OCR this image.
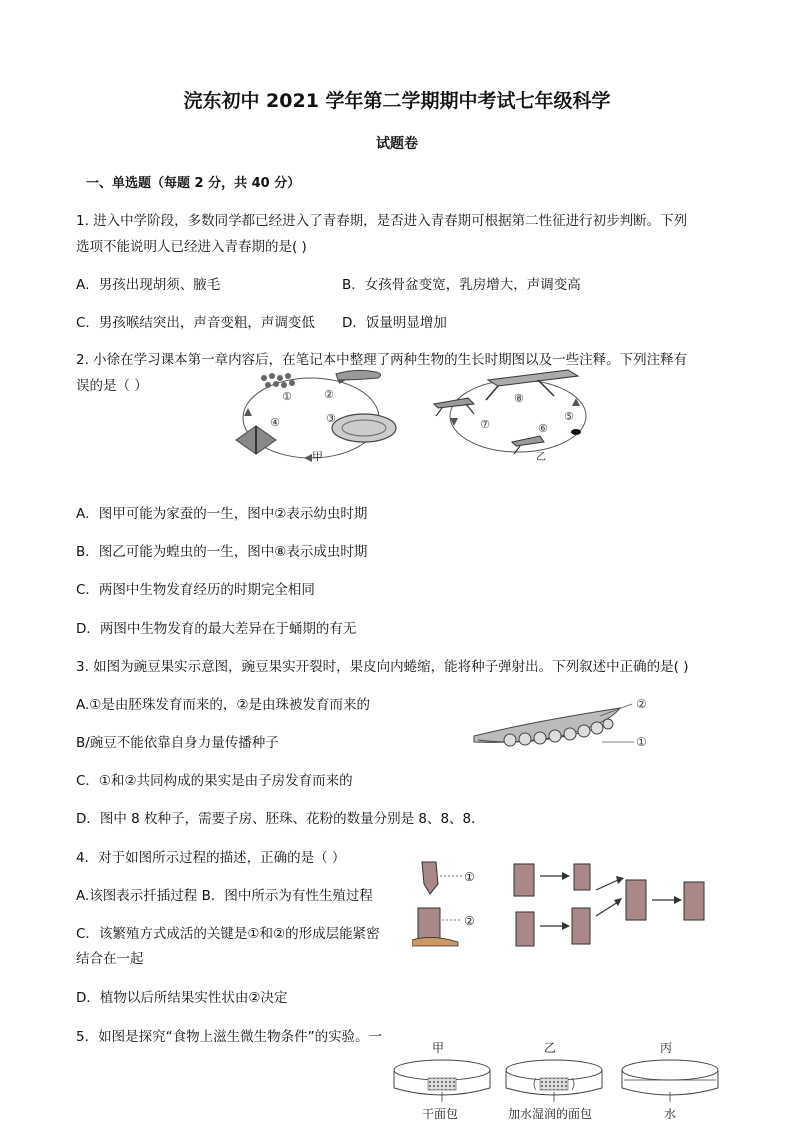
浣东初中 2021 学年第二学期期中考试七年级科学
试题卷
一、单选题（每题 2 分，共 40 分）
1. 进入中学阶段，多数同学都已经进入了青春期，是否进入青春期可根据第二性征进行初步判断。下列
选项不能说明人已经进入青春期的是( )
A．男孩出现胡须、腋毛	B．女孩骨盆变宽，乳房增大，声调变高
C．男孩喉结突出，声音变粗，声调变低 D．饭量明显增加
2. 小徐在学习课本第一章内容后，在笔记本中整理了两种生物的生长时期图以及一些注释。下列注释有
误的是（ ）
①	②
③
④
甲
⑧
⑤
⑥
⑦
乙
A．图甲可能为家蚕的一生，图中②表示幼虫时期
B．图乙可能为蝗虫的一生，图中⑧表示成虫时期
C．两图中生物发育经历的时期完全相同
D．两图中生物发育的最大差异在于蛹期的有无
3. 如图为豌豆果实示意图，豌豆果实开裂时，果皮向内蜷缩，能将种子弹射出。下列叙述中正确的是( )
A.①是由胚珠发育而来的，②是由珠被发育而来的
B/豌豆不能依靠自身力量传播种子
②
①
C．①和②共同构成的果实是由子房发育而来的
D．图中 8 枚种子，需要子房、胚珠、花粉的数量分别是 8、8、8．
4．对于如图所示过程的描述，正确的是（ ）
A.该图表示扦插过程 B．图中所示为有性生殖过程
C．该繁殖方式成活的关键是①和②的形成层能紧密
结合在一起
D．植物以后所结果实性状由②决定
①
②
5．如图是探究“食物上滋生微生物条件”的实验。一
甲	乙	丙
干面包	加水湿润的面包	水
